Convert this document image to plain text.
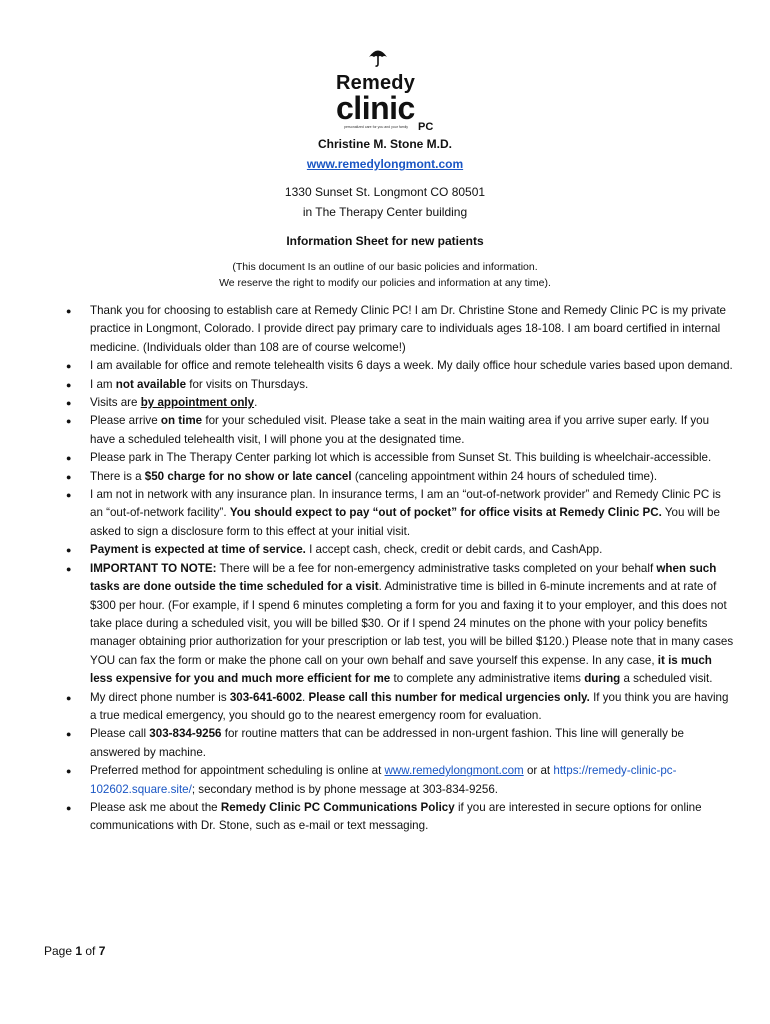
Remedy
clinic
personalized care for you and your family PC
Christine M. Stone M.D.
www.remedylongmont.com
1330 Sunset St. Longmont CO 80501
in The Therapy Center building
Information Sheet for new patients
(This document Is an outline of our basic policies and information.
We reserve the right to modify our policies and information at any time).
● Thank you for choosing to establish care at Remedy Clinic PC! I am Dr. Christine Stone and Remedy Clinic PC is my private practice in Longmont, Colorado. I provide direct pay primary care to individuals ages 18-108. I am board certified in internal medicine. (Individuals older than 108 are of course welcome!)
● I am available for office and remote telehealth visits 6 days a week. My daily office hour schedule varies based upon demand.
● I am not available for visits on Thursdays.
● Visits are by appointment only.
● Please arrive on time for your scheduled visit. Please take a seat in the main waiting area if you arrive super early. If you have a scheduled telehealth visit, I will phone you at the designated time.
● Please park in The Therapy Center parking lot which is accessible from Sunset St. This building is wheelchair-accessible.
● There is a $50 charge for no show or late cancel (canceling appointment within 24 hours of scheduled time).
● I am not in network with any insurance plan. In insurance terms, I am an “out-of-network provider” and Remedy Clinic PC is an “out-of-network facility”. You should expect to pay “out of pocket” for office visits at Remedy Clinic PC. You will be asked to sign a disclosure form to this effect at your initial visit.
● Payment is expected at time of service. I accept cash, check, credit or debit cards, and CashApp.
● IMPORTANT TO NOTE: There will be a fee for non-emergency administrative tasks completed on your behalf when such tasks are done outside the time scheduled for a visit. Administrative time is billed in 6-minute increments and at rate of $300 per hour. (For example, if I spend 6 minutes completing a form for you and faxing it to your employer, and this does not take place during a scheduled visit, you will be billed $30. Or if I spend 24 minutes on the phone with your policy benefits manager obtaining prior authorization for your prescription or lab test, you will be billed $120.) Please note that in many cases YOU can fax the form or make the phone call on your own behalf and save yourself this expense. In any case, it is much less expensive for you and much more efficient for me to complete any administrative items during a scheduled visit.
● My direct phone number is 303-641-6002. Please call this number for medical urgencies only. If you think you are having a true medical emergency, you should go to the nearest emergency room for evaluation.
● Please call 303-834-9256 for routine matters that can be addressed in non-urgent fashion. This line will generally be answered by machine.
● Preferred method for appointment scheduling is online at www.remedylongmont.com or at https://remedy-clinic-pc-102602.square.site/; secondary method is by phone message at 303-834-9256.
● Please ask me about the Remedy Clinic PC Communications Policy if you are interested in secure options for online communications with Dr. Stone, such as e-mail or text messaging.
Page 1 of 7
